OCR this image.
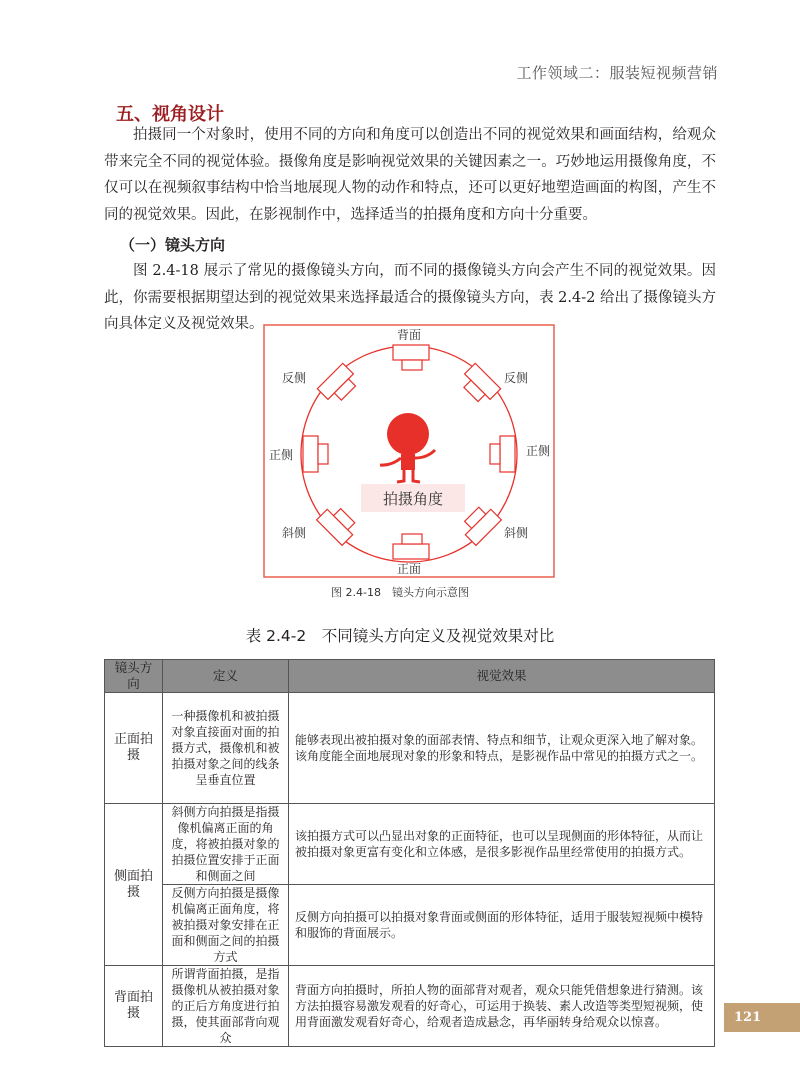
工作领域二：服装短视频营销
五、视角设计
拍摄同一个对象时，使用不同的方向和角度可以创造出不同的视觉效果和画面结构，给观众带来完全不同的视觉体验。摄像角度是影响视觉效果的关键因素之一。巧妙地运用摄像角度，不仅可以在视频叙事结构中恰当地展现人物的动作和特点，还可以更好地塑造画面的构图，产生不同的视觉效果。因此，在影视制作中，选择适当的拍摄角度和方向十分重要。
（一）镜头方向
图 2.4-18 展示了常见的摄像镜头方向，而不同的摄像镜头方向会产生不同的视觉效果。因此，你需要根据期望达到的视觉效果来选择最适合的摄像镜头方向，表 2.4-2 给出了摄像镜头方向具体定义及视觉效果。
背面
反侧	反侧
正侧	正侧
斜侧	斜侧
正面
拍摄角度
图 2.4-18　镜头方向示意图
表 2.4-2　不同镜头方向定义及视觉效果对比
镜头方向	定义	视觉效果
正面拍摄	一种摄像机和被拍摄对象直接面对面的拍摄方式，摄像机和被拍摄对象之间的线条呈垂直位置	能够表现出被拍摄对象的面部表情、特点和细节，让观众更深入地了解对象。该角度能全面地展现对象的形象和特点，是影视作品中常见的拍摄方式之一。
侧面拍摄	斜侧方向拍摄是指摄像机偏离正面的角度，将被拍摄对象的拍摄位置安排于正面和侧面之间	该拍摄方式可以凸显出对象的正面特征，也可以呈现侧面的形体特征，从而让被拍摄对象更富有变化和立体感，是很多影视作品里经常使用的拍摄方式。
	反侧方向拍摄是摄像机偏离正面角度，将被拍摄对象安排在正面和侧面之间的拍摄方式	反侧方向拍摄可以拍摄对象背面或侧面的形体特征，适用于服装短视频中模特和服饰的背面展示。
背面拍摄	所谓背面拍摄，是指摄像机从被拍摄对象的正后方角度进行拍摄，使其面部背向观众	背面方向拍摄时，所拍人物的面部背对观者，观众只能凭借想象进行猜测。该方法拍摄容易激发观看的好奇心，可运用于换装、素人改造等类型短视频，使用背面激发观看好奇心，给观者造成悬念，再华丽转身给观众以惊喜。	121
